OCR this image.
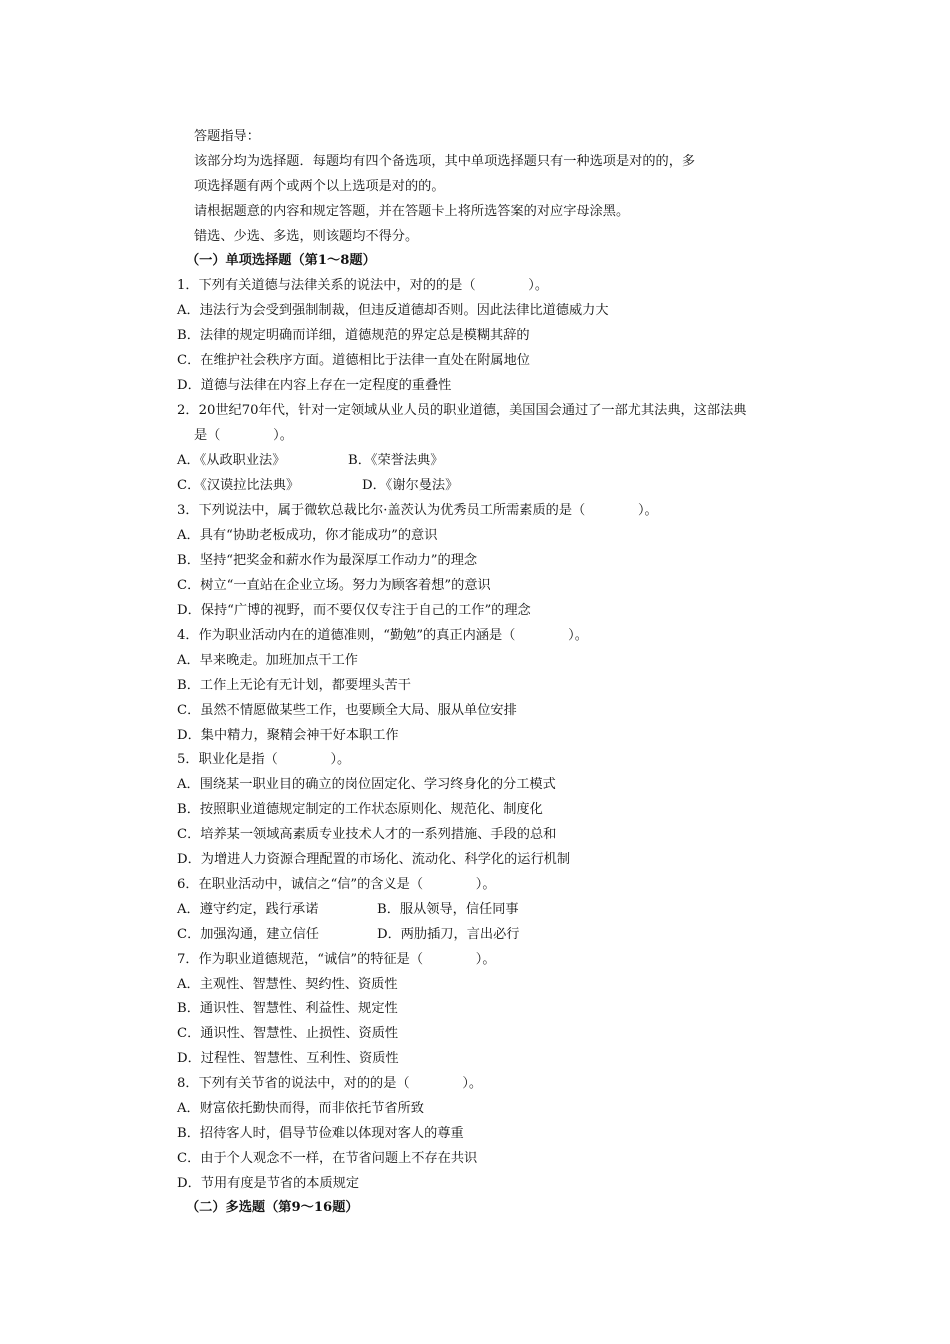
答题指导：
该部分均为选择题．每题均有四个备选项，其中单项选择题只有一种选项是对的的，多
项选择题有两个或两个以上选项是对的的。
请根据题意的内容和规定答题，并在答题卡上将所选答案的对应字母涂黑。
错选、少选、多选，则该题均不得分。
（一）单项选择题（第1～8题）
1．下列有关道德与法律关系的说法中，对的的是（　　　　）。
A．违法行为会受到强制制裁，但违反道德却否则。因此法律比道德威力大
B．法律的规定明确而详细，道德规范的界定总是模糊其辞的
C．在维护社会秩序方面。道德相比于法律一直处在附属地位
D．道德与法律在内容上存在一定程度的重叠性
2．20世纪70年代，针对一定领域从业人员的职业道德，美国国会通过了一部尤其法典，这部法典
是（　　　　）。
A．《从政职业法》	B．《荣誉法典》
C．《汉谟拉比法典》	D．《谢尔曼法》
3．下列说法中，属于微软总裁比尔·盖茨认为优秀员工所需素质的是（　　　　）。
A．具有“协助老板成功，你才能成功”的意识
B．坚持“把奖金和薪水作为最深厚工作动力”的理念
C．树立“一直站在企业立场。努力为顾客着想”的意识
D．保持“广博的视野，而不要仅仅专注于自己的工作”的理念
4．作为职业活动内在的道德准则，“勤勉”的真正内涵是（　　　　）。
A．早来晚走。加班加点干工作
B．工作上无论有无计划，都要埋头苦干
C．虽然不情愿做某些工作，也要顾全大局、服从单位安排
D．集中精力，聚精会神干好本职工作
5．职业化是指（　　　　）。
A．围绕某一职业目的确立的岗位固定化、学习终身化的分工模式
B．按照职业道德规定制定的工作状态原则化、规范化、制度化
C．培养某一领域高素质专业技术人才的一系列措施、手段的总和
D．为增进人力资源合理配置的市场化、流动化、科学化的运行机制
6．在职业活动中，诚信之“信”的含义是（　　　　）。
A．遵守约定，践行承诺	B．服从领导，信任同事
C．加强沟通，建立信任	D．两肋插刀，言出必行
7．作为职业道德规范，“诚信”的特征是（　　　　）。
A．主观性、智慧性、契约性、资质性
B．通识性、智慧性、利益性、规定性
C．通识性、智慧性、止损性、资质性
D．过程性、智慧性、互利性、资质性
8．下列有关节省的说法中，对的的是（　　　　）。
A．财富依托勤快而得，而非依托节省所致
B．招待客人时，倡导节俭难以体现对客人的尊重
C．由于个人观念不一样，在节省问题上不存在共识
D．节用有度是节省的本质规定
（二）多选题（第9～16题）
